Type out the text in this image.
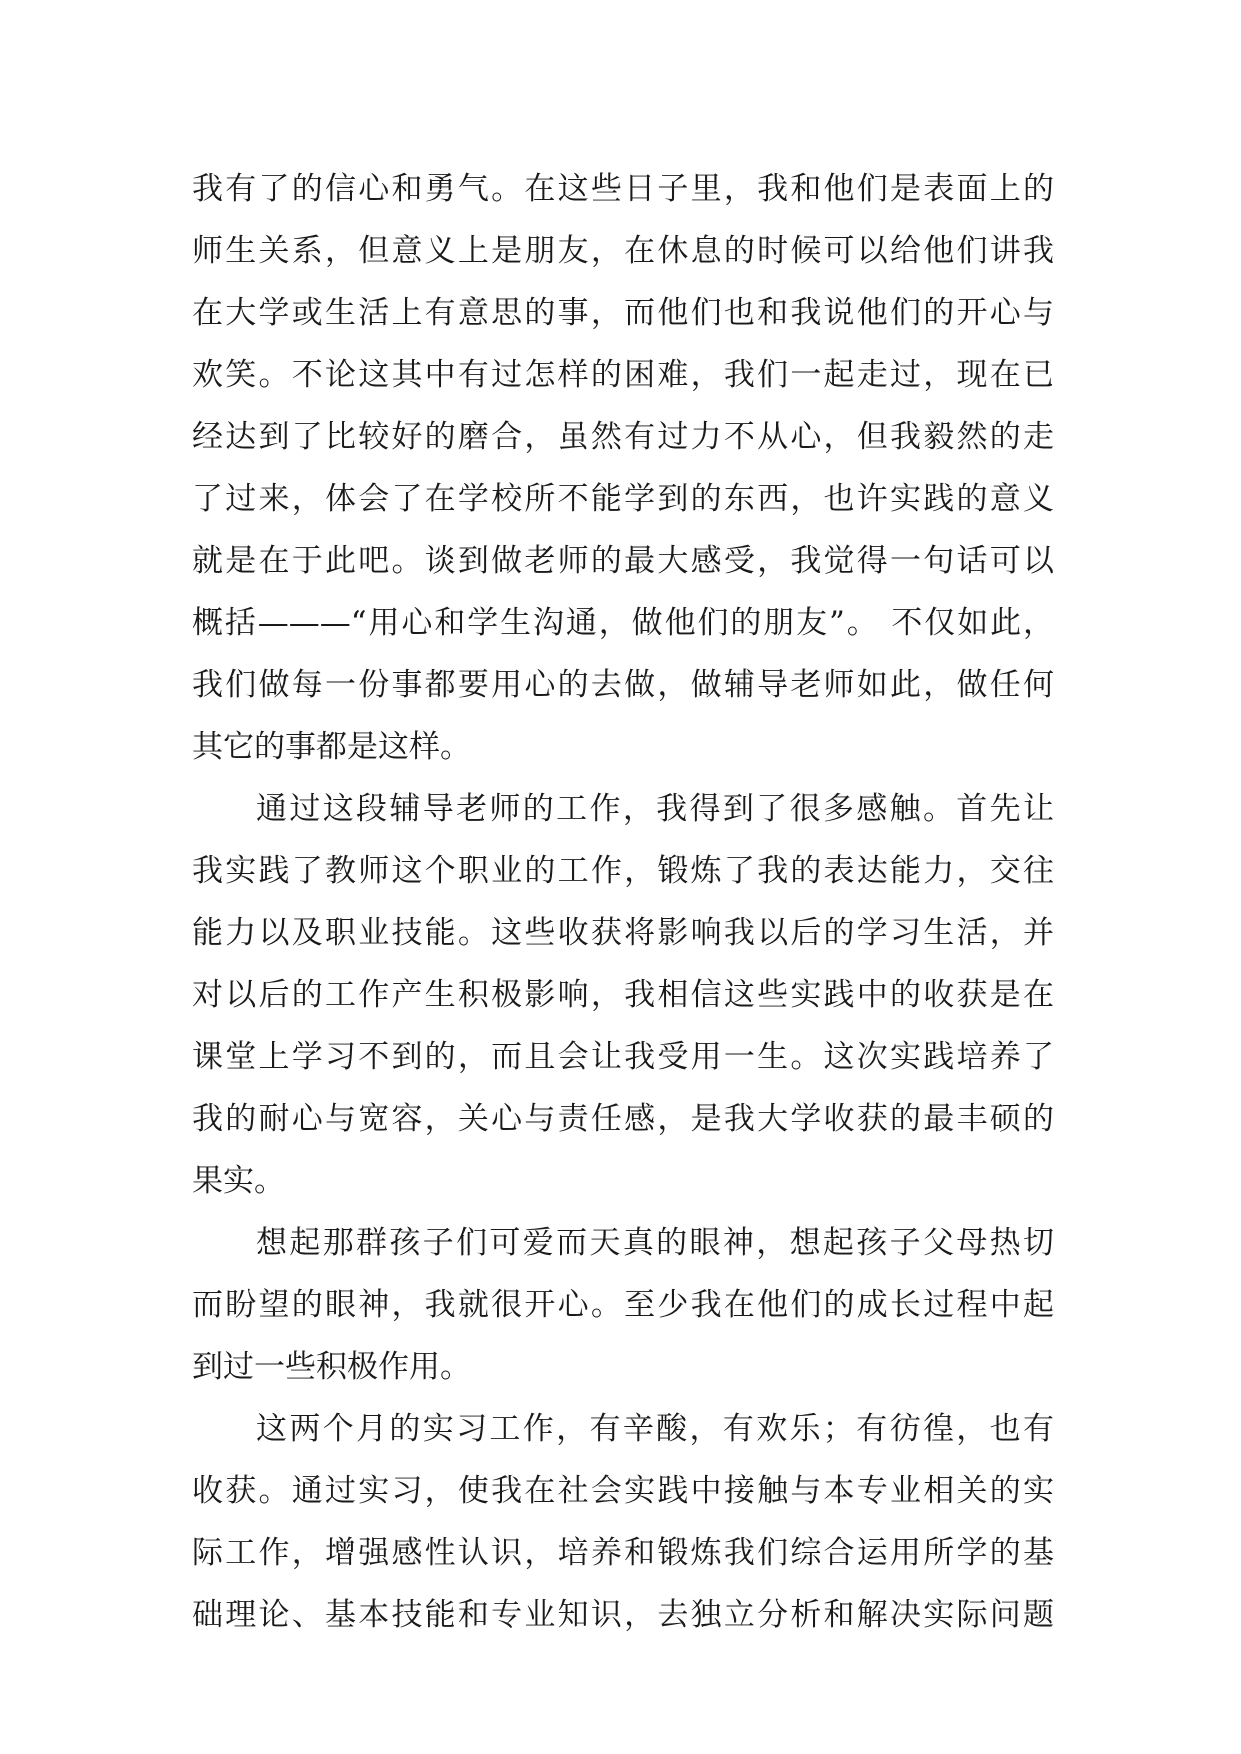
我有了的信心和勇气。在这些日子里，我和他们是表面上的
师生关系，但意义上是朋友，在休息的时候可以给他们讲我
在大学或生活上有意思的事，而他们也和我说他们的开心与
欢笑。不论这其中有过怎样的困难，我们一起走过，现在已
经达到了比较好的磨合，虽然有过力不从心，但我毅然的走
了过来，体会了在学校所不能学到的东西，也许实践的意义
就是在于此吧。谈到做老师的最大感受，我觉得一句话可以
概括———“用心和学生沟通，做他们的朋友”。 不仅如此，
我们做每一份事都要用心的去做，做辅导老师如此，做任何
其它的事都是这样。
通过这段辅导老师的工作，我得到了很多感触。首先让
我实践了教师这个职业的工作，锻炼了我的表达能力，交往
能力以及职业技能。这些收获将影响我以后的学习生活，并
对以后的工作产生积极影响，我相信这些实践中的收获是在
课堂上学习不到的，而且会让我受用一生。这次实践培养了
我的耐心与宽容，关心与责任感，是我大学收获的最丰硕的
果实。
想起那群孩子们可爱而天真的眼神，想起孩子父母热切
而盼望的眼神，我就很开心。至少我在他们的成长过程中起
到过一些积极作用。
这两个月的实习工作，有辛酸，有欢乐；有彷徨，也有
收获。通过实习，使我在社会实践中接触与本专业相关的实
际工作，增强感性认识，培养和锻炼我们综合运用所学的基
础理论、基本技能和专业知识，去独立分析和解决实际问题
